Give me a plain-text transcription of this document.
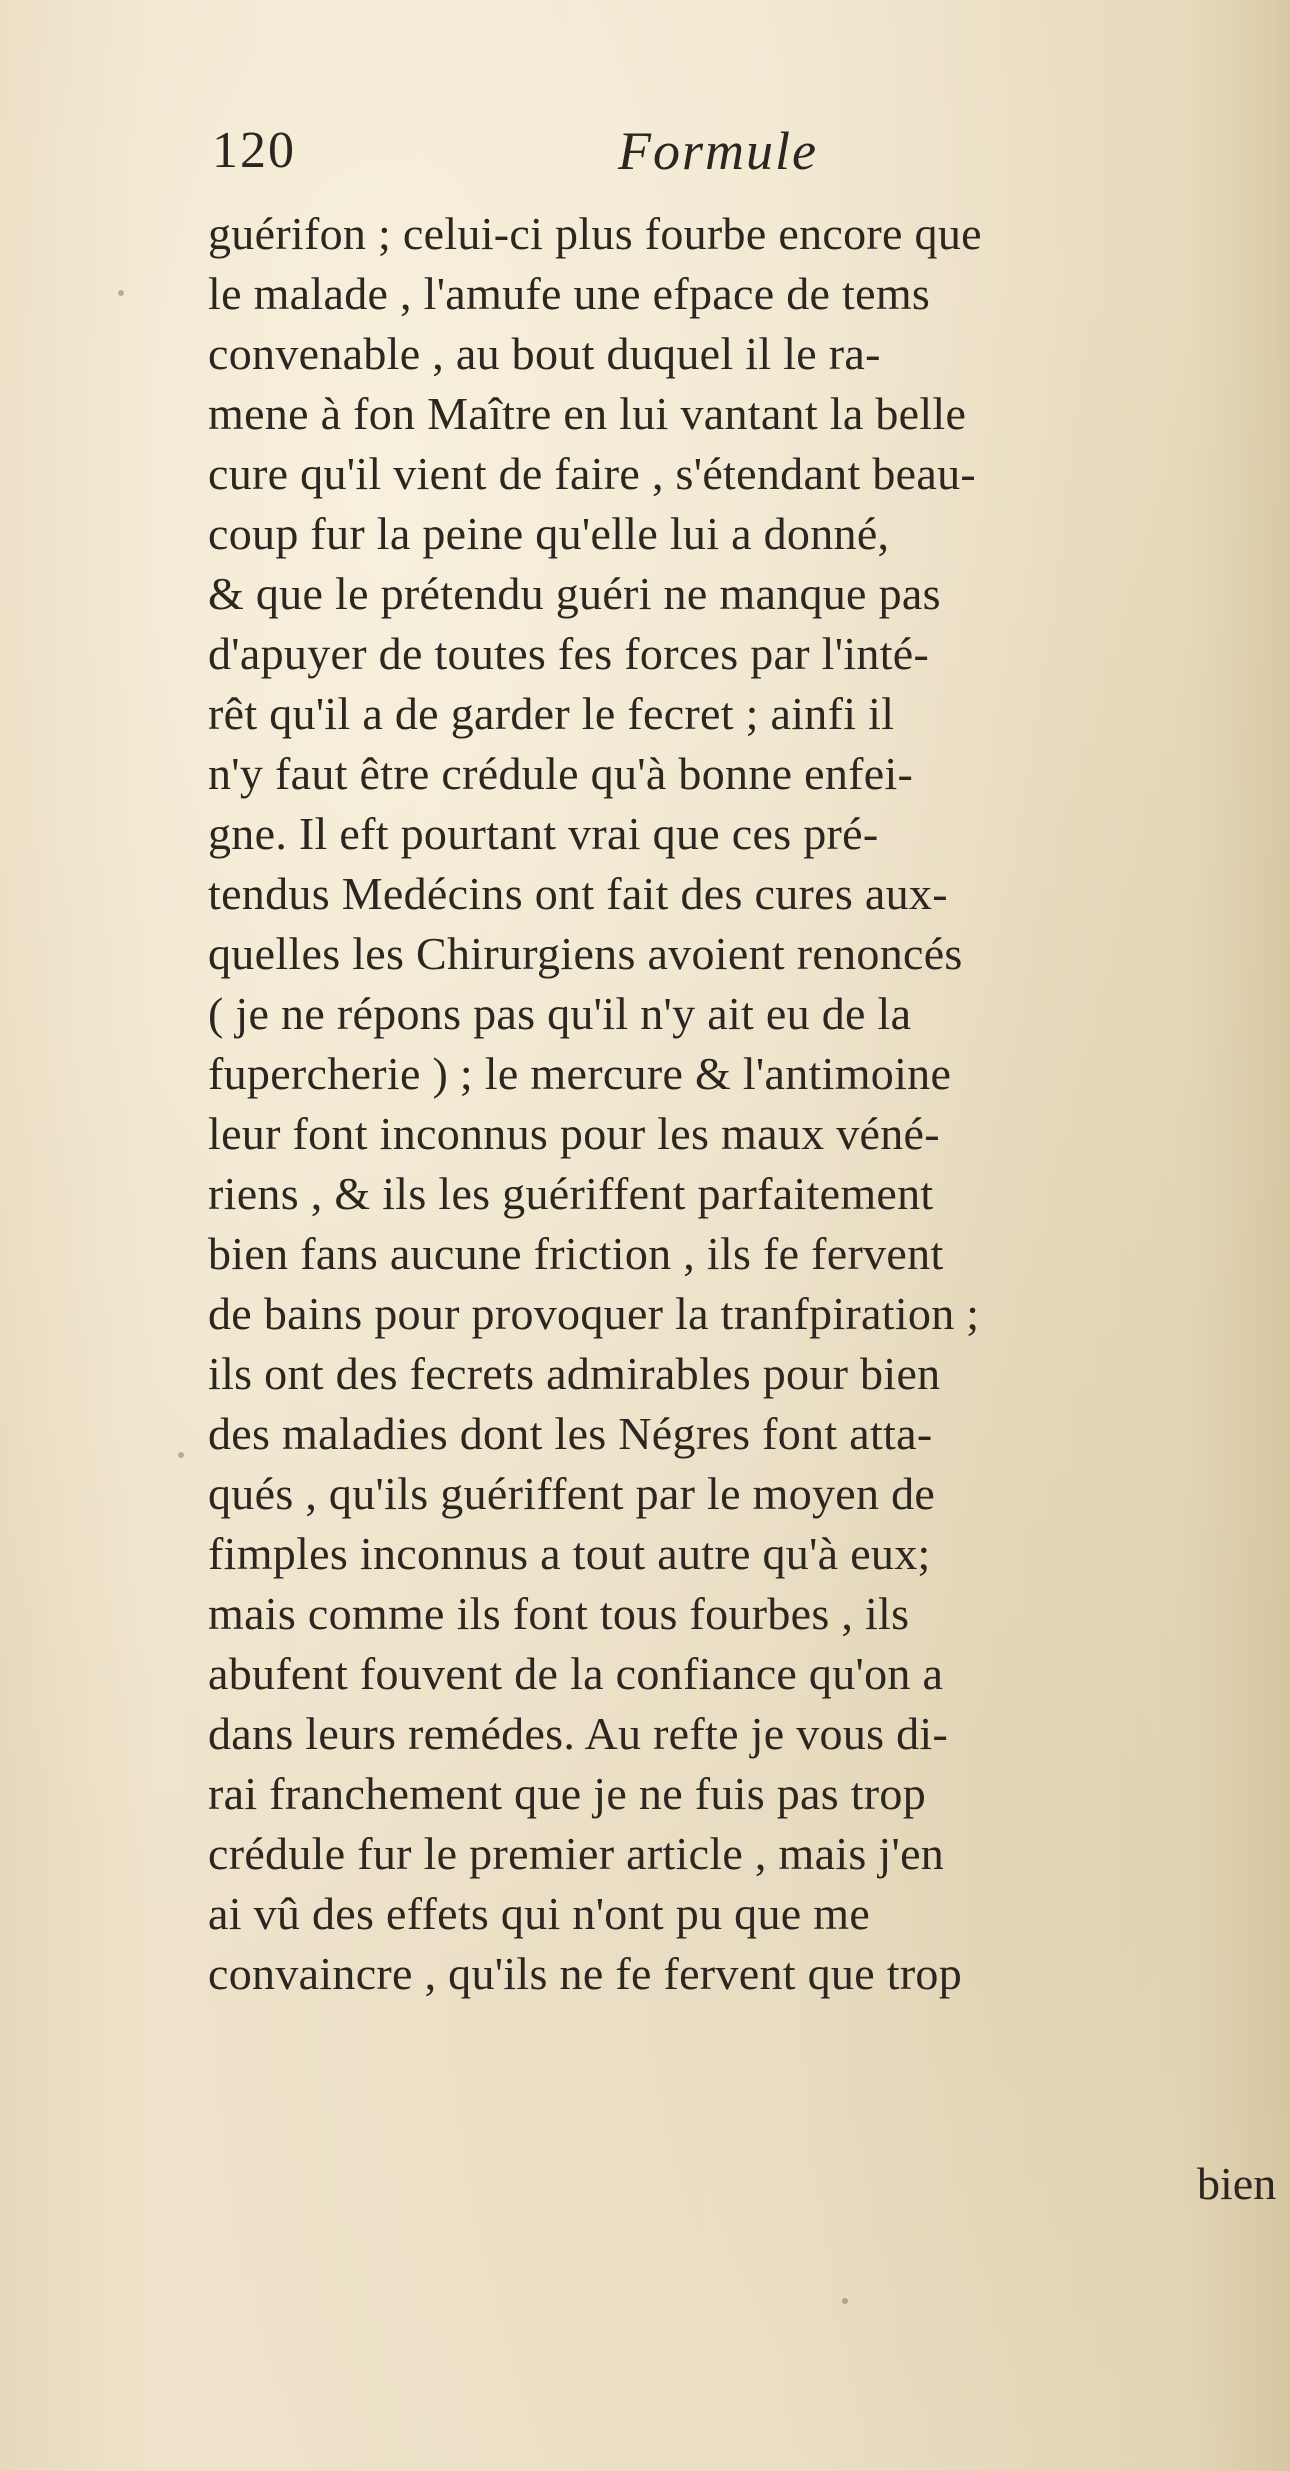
120	Formule
guérifon ; celui-ci plus fourbe encore que
le malade , l'amufe une efpace de tems
convenable , au bout duquel il le ra-
mene à fon Maître en lui vantant la belle
cure qu'il vient de faire , s'étendant beau-
coup fur la peine qu'elle lui a donné,
& que le prétendu guéri ne manque pas
d'apuyer de toutes fes forces par l'inté-
rêt qu'il a de garder le fecret ; ainfi il
n'y faut être crédule qu'à bonne enfei-
gne. Il eft pourtant vrai que ces pré-
tendus Medécins ont fait des cures aux-
quelles les Chirurgiens avoient renoncés
( je ne répons pas qu'il n'y ait eu de la
fupercherie ) ; le mercure & l'antimoine
leur font inconnus pour les maux véné-
riens , & ils les guériffent parfaitement
bien fans aucune friction , ils fe fervent
de bains pour provoquer la tranfpiration ;
ils ont des fecrets admirables pour bien
des maladies dont les Négres font atta-
qués , qu'ils guériffent par le moyen de
fimples inconnus a tout autre qu'à eux;
mais comme ils font tous fourbes , ils
abufent fouvent de la confiance qu'on a
dans leurs remédes. Au refte je vous di-
rai franchement que je ne fuis pas trop
crédule fur le premier article , mais j'en
ai vû des effets qui n'ont pu que me
convaincre , qu'ils ne fe fervent que trop
bien
